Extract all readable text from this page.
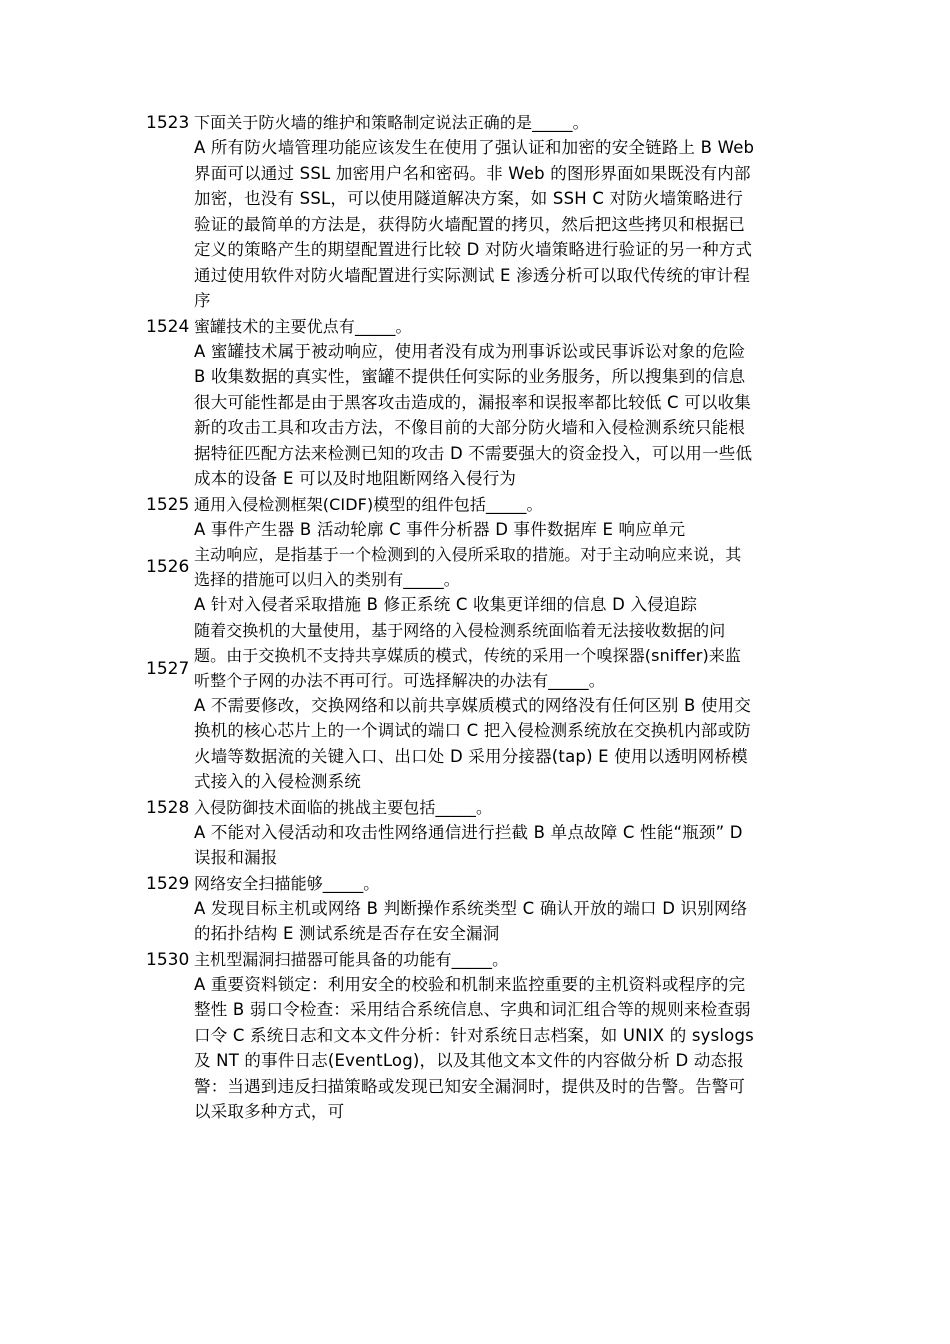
1523 下面关于防火墙的维护和策略制定说法正确的是_____。
A 所有防火墙管理功能应该发生在使用了强认证和加密的安全链路上 B Web 界面可以通过 SSL 加密用户名和密码。非 Web 的图形界面如果既没有内部加密，也没有 SSL，可以使用隧道解决方案，如 SSH C 对防火墙策略进行验证的最简单的方法是，获得防火墙配置的拷贝，然后把这些拷贝和根据已定义的策略产生的期望配置进行比较 D 对防火墙策略进行验证的另一种方式通过使用软件对防火墙配置进行实际测试 E 渗透分析可以取代传统的审计程序
1524 蜜罐技术的主要优点有_____。
A 蜜罐技术属于被动响应，使用者没有成为刑事诉讼或民事诉讼对象的危险 B 收集数据的真实性，蜜罐不提供任何实际的业务服务，所以搜集到的信息很大可能性都是由于黑客攻击造成的，漏报率和误报率都比较低 C 可以收集新的攻击工具和攻击方法，不像目前的大部分防火墙和入侵检测系统只能根据特征匹配方法来检测已知的攻击 D 不需要强大的资金投入，可以用一些低成本的设备 E 可以及时地阻断网络入侵行为
1525 通用入侵检测框架(CIDF)模型的组件包括_____。
A 事件产生器 B 活动轮廓 C 事件分析器 D 事件数据库 E 响应单元
1526
主动响应，是指基于一个检测到的入侵所采取的措施。对于主动响应来说，其选择的措施可以归入的类别有_____。
A 针对入侵者采取措施 B 修正系统 C 收集更详细的信息 D 入侵追踪
1527
随着交换机的大量使用，基于网络的入侵检测系统面临着无法接收数据的问题。由于交换机不支持共享媒质的模式，传统的采用一个嗅探器(sniffer)来监听整个子网的办法不再可行。可选择解决的办法有_____。
A 不需要修改，交换网络和以前共享媒质模式的网络没有任何区别 B 使用交换机的核心芯片上的一个调试的端口 C 把入侵检测系统放在交换机内部或防火墙等数据流的关键入口、出口处 D 采用分接器(tap) E 使用以透明网桥模式接入的入侵检测系统
1528 入侵防御技术面临的挑战主要包括_____。
A 不能对入侵活动和攻击性网络通信进行拦截 B 单点故障 C 性能“瓶颈” D 误报和漏报
1529 网络安全扫描能够_____。
A 发现目标主机或网络 B 判断操作系统类型 C 确认开放的端口 D 识别网络的拓扑结构 E 测试系统是否存在安全漏洞
1530 主机型漏洞扫描器可能具备的功能有_____。
A 重要资料锁定：利用安全的校验和机制来监控重要的主机资料或程序的完整性 B 弱口令检查：采用结合系统信息、字典和词汇组合等的规则来检查弱口令 C 系统日志和文本文件分析：针对系统日志档案，如 UNIX 的 syslogs 及 NT 的事件日志(EventLog)，以及其他文本文件的内容做分析 D 动态报警：当遇到违反扫描策略或发现已知安全漏洞时，提供及时的告警。告警可以采取多种方式，可
